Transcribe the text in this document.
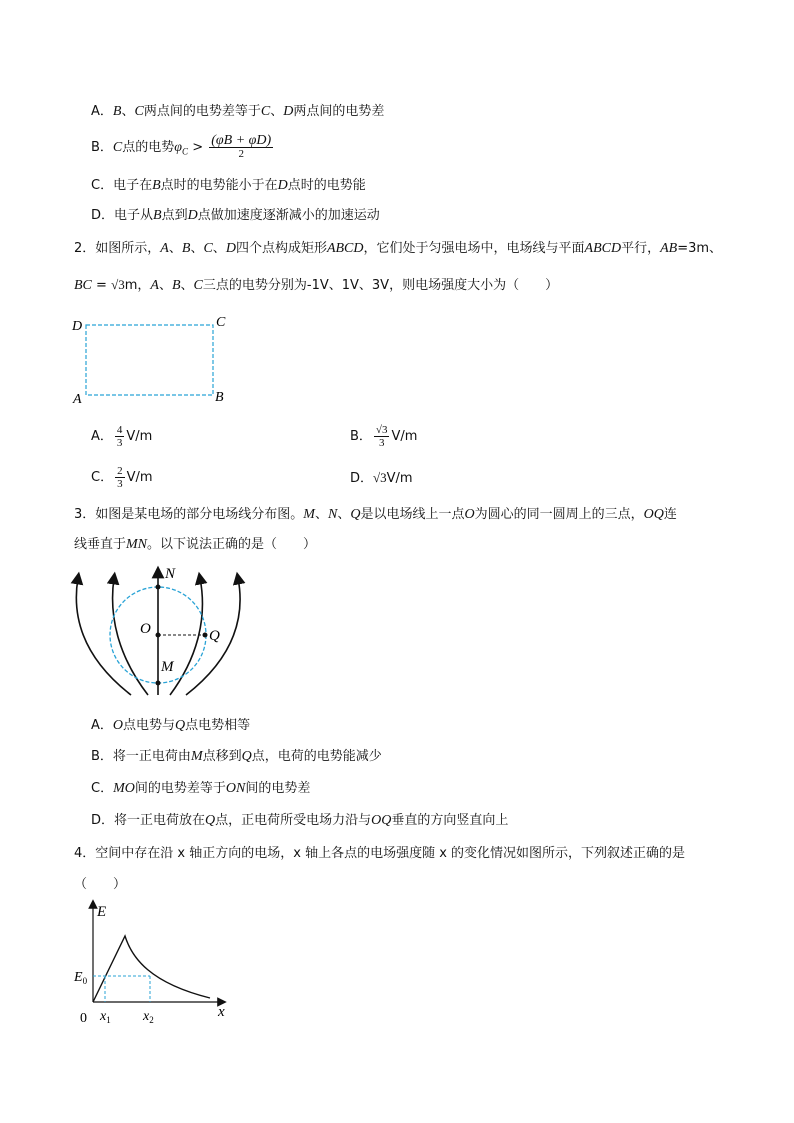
A．B、C两点间的电势差等于C、D两点间的电势差
B．C点的电势$\varphi_C > \frac{(\varphi B + \varphi D)}{2}$
C．电子在B点时的电势能小于在D点时的电势能
D．电子从B点到D点做加速度逐渐减小的加速运动
2．如图所示，A、B、C、D四个点构成矩形ABCD，它们处于匀强电场中，电场线与平面ABCD平行，AB=3m、
BC = √3m，A、B、C三点的电势分别为-1V、1V、3V，则电场强度大小为（　　）
D	C
A	B
A． $\frac{4}{3} V/m$	B． $\frac{√3}{3} V/m$
C． $\frac{2}{3} V/m$	D．√3V/m
3．如图是某电场的部分电场线分布图。M、N、Q是以电场线上一点O为圆心的同一圆周上的三点，OQ连
线垂直于MN。以下说法正确的是（　　）
N
O	Q
M
A．O点电势与Q点电势相等
B．将一正电荷由M点移到Q点，电荷的电势能减少
C．MO间的电势差等于ON间的电势差
D．将一正电荷放在Q点，正电荷所受电场力沿与OQ垂直的方向竖直向上
4．空间中存在沿 x 轴正方向的电场，x 轴上各点的电场强度随 x 的变化情况如图所示，下列叙述正确的是
（　　）
E
$E_0$
0 $x_1$ $x_2$	x
